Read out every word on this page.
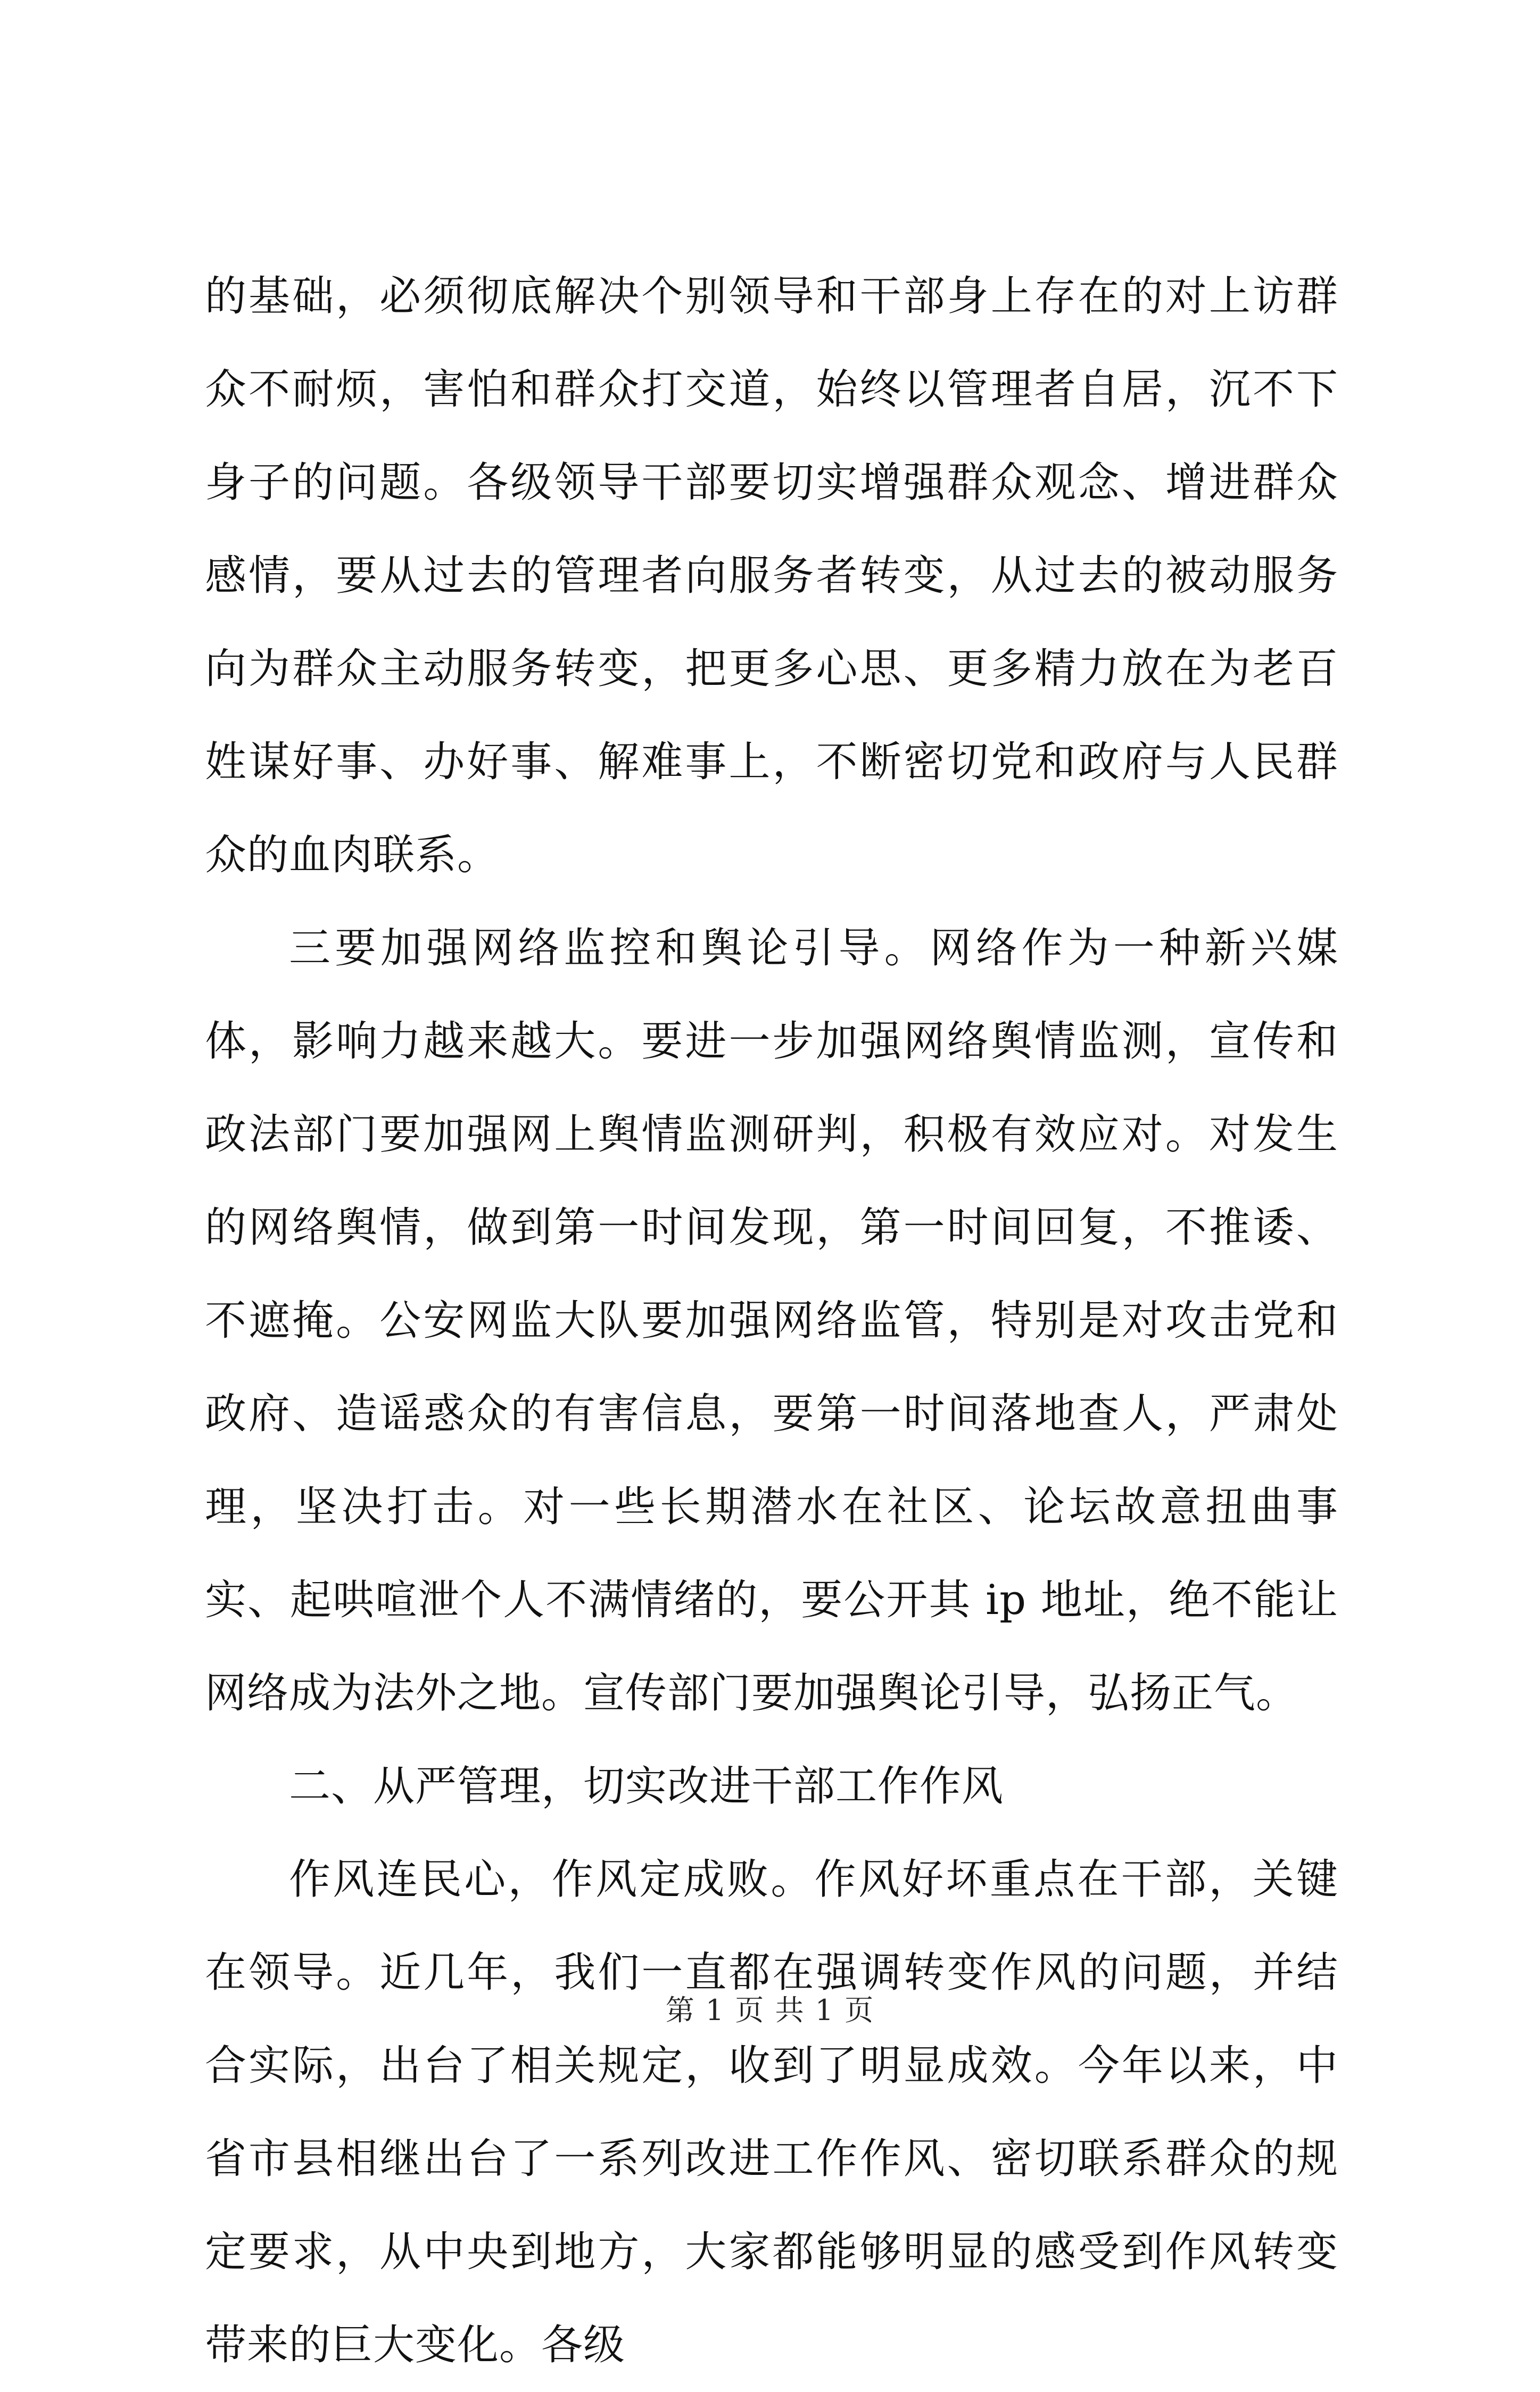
的基础，必须彻底解决个别领导和干部身上存在的对上访群众不耐烦，害怕和群众打交道，始终以管理者自居，沉不下身子的问题。各级领导干部要切实增强群众观念、增进群众感情，要从过去的管理者向服务者转变，从过去的被动服务向为群众主动服务转变，把更多心思、更多精力放在为老百姓谋好事、办好事、解难事上，不断密切党和政府与人民群众的血肉联系。

三要加强网络监控和舆论引导。网络作为一种新兴媒体，影响力越来越大。要进一步加强网络舆情监测，宣传和政法部门要加强网上舆情监测研判，积极有效应对。对发生的网络舆情，做到第一时间发现，第一时间回复，不推诿、不遮掩。公安网监大队要加强网络监管，特别是对攻击党和政府、造谣惑众的有害信息，要第一时间落地查人，严肃处理，坚决打击。对一些长期潜水在社区、论坛故意扭曲事实、起哄喧泄个人不满情绪的，要公开其 ip 地址，绝不能让网络成为法外之地。宣传部门要加强舆论引导，弘扬正气。

二、从严管理，切实改进干部工作作风

作风连民心，作风定成败。作风好坏重点在干部，关键在领导。近几年，我们一直都在强调转变作风的问题，并结合实际，出台了相关规定，收到了明显成效。今年以来，中省市县相继出台了一系列改进工作作风、密切联系群众的规定要求，从中央到地方，大家都能够明显的感受到作风转变带来的巨大变化。各级

第 1 页 共 1 页
